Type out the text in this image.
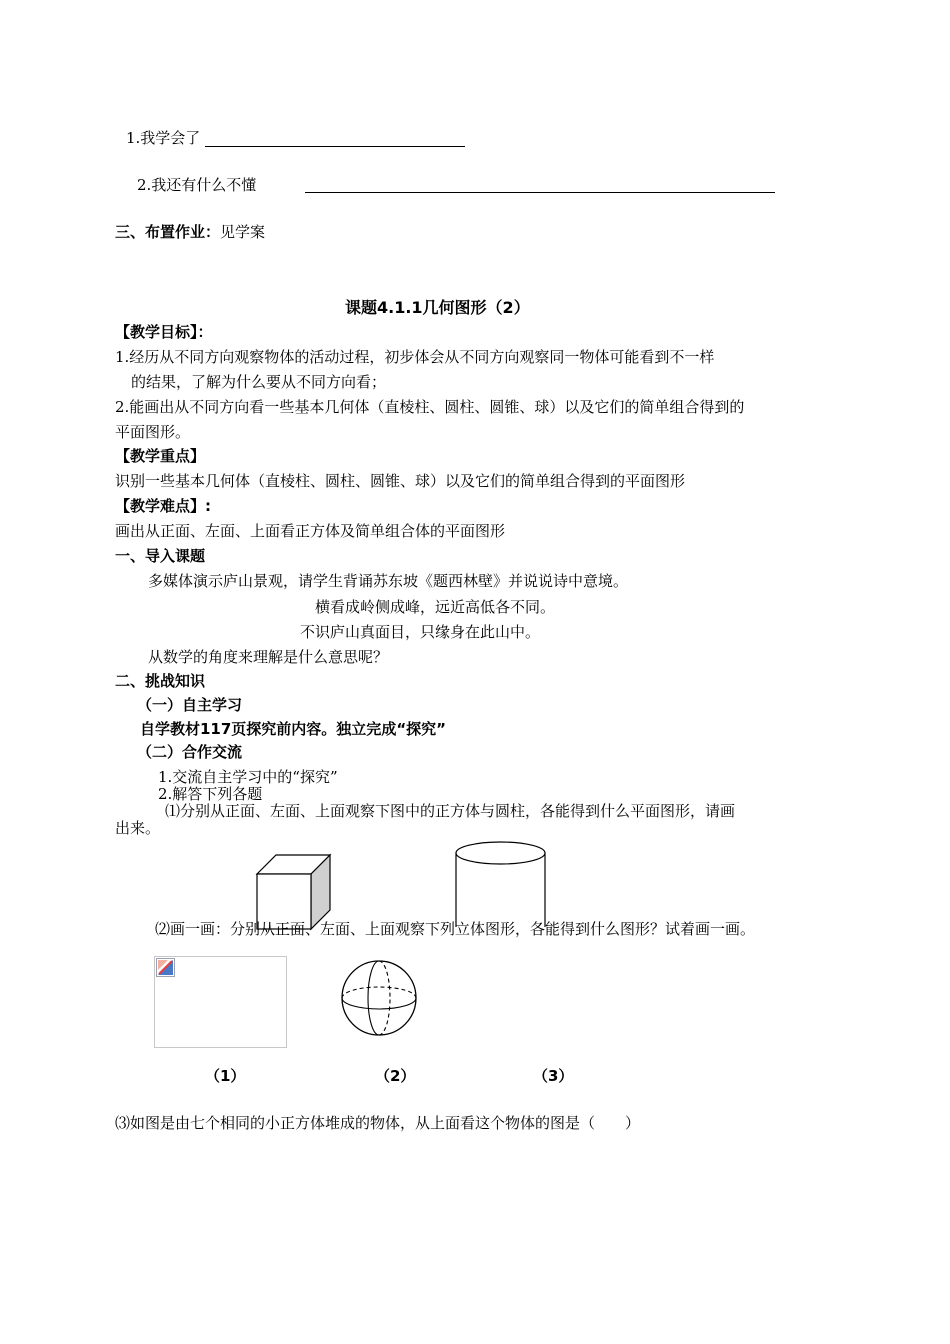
1.我学会了
2.我还有什么不懂
三、布置作业：见学案
课题4.1.1几何图形（2）
【教学目标】：
1.经历从不同方向观察物体的活动过程，初步体会从不同方向观察同一物体可能看到不一样
的结果，了解为什么要从不同方向看；
2.能画出从不同方向看一些基本几何体（直棱柱、圆柱、圆锥、球）以及它们的简单组合得到的
平面图形。
【教学重点】
识别一些基本几何体（直棱柱、圆柱、圆锥、球）以及它们的简单组合得到的平面图形
【教学难点】:
画出从正面、左面、上面看正方体及简单组合体的平面图形
一、导入课题
多媒体演示庐山景观，请学生背诵苏东坡《题西林壁》并说说诗中意境。
横看成岭侧成峰，远近高低各不同。
不识庐山真面目，只缘身在此山中。
从数学的角度来理解是什么意思呢？
二、挑战知识
（一）自主学习
自学教材117页探究前内容。独立完成“探究”
（二）合作交流
1.交流自主学习中的“探究”
2.解答下列各题
⑴分别从正面、左面、上面观察下图中的正方体与圆柱，各能得到什么平面图形，请画
出来。
⑵画一画：分别从正面、左面、上面观察下列立体图形，各能得到什么图形？试着画一画。
（1）	（2）	（3）
⑶如图是由七个相同的小正方体堆成的物体，从上面看这个物体的图是（　　）
